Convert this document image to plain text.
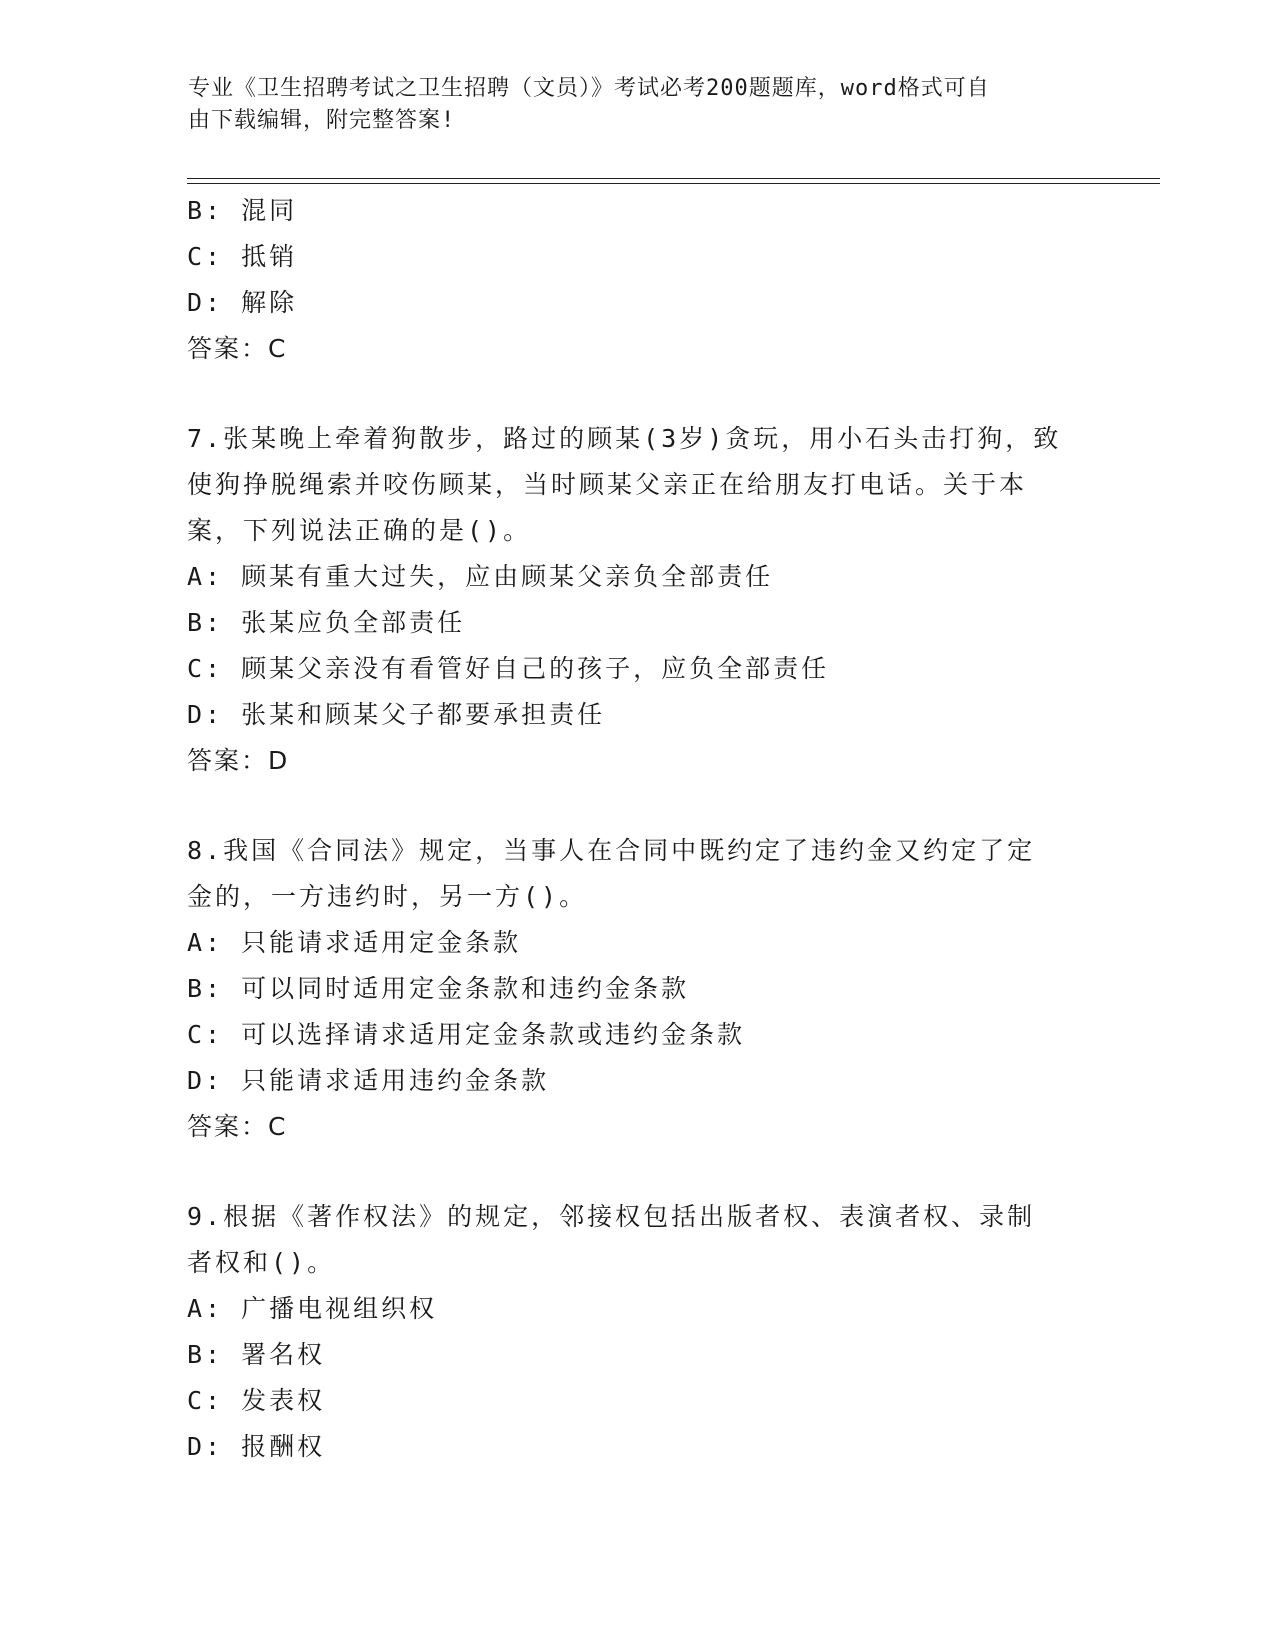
专业《卫生招聘考试之卫生招聘（文员）》考试必考200题题库，word格式可自
由下载编辑，附完整答案!
B: 混同
C: 抵销
D: 解除
答案：C
7.张某晚上牵着狗散步，路过的顾某(3岁)贪玩，用小石头击打狗，致
使狗挣脱绳索并咬伤顾某，当时顾某父亲正在给朋友打电话。关于本
案，下列说法正确的是()。
A: 顾某有重大过失，应由顾某父亲负全部责任
B: 张某应负全部责任
C: 顾某父亲没有看管好自己的孩子，应负全部责任
D: 张某和顾某父子都要承担责任
答案：D
8.我国《合同法》规定，当事人在合同中既约定了违约金又约定了定
金的，一方违约时，另一方()。
A: 只能请求适用定金条款
B: 可以同时适用定金条款和违约金条款
C: 可以选择请求适用定金条款或违约金条款
D: 只能请求适用违约金条款
答案：C
9.根据《著作权法》的规定，邻接权包括出版者权、表演者权、录制
者权和()。
A: 广播电视组织权
B: 署名权
C: 发表权
D: 报酬权
